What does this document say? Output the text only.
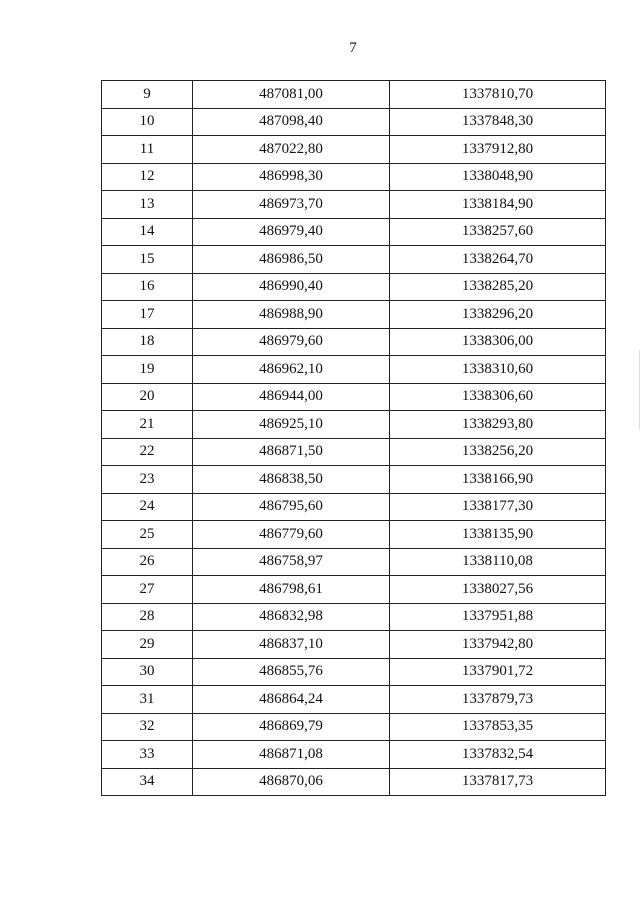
7
9	487081,00	1337810,70
10	487098,40	1337848,30
11	487022,80	1337912,80
12	486998,30	1338048,90
13	486973,70	1338184,90
14	486979,40	1338257,60
15	486986,50	1338264,70
16	486990,40	1338285,20
17	486988,90	1338296,20
18	486979,60	1338306,00
19	486962,10	1338310,60
20	486944,00	1338306,60
21	486925,10	1338293,80
22	486871,50	1338256,20
23	486838,50	1338166,90
24	486795,60	1338177,30
25	486779,60	1338135,90
26	486758,97	1338110,08
27	486798,61	1338027,56
28	486832,98	1337951,88
29	486837,10	1337942,80
30	486855,76	1337901,72
31	486864,24	1337879,73
32	486869,79	1337853,35
33	486871,08	1337832,54
34	486870,06	1337817,73
